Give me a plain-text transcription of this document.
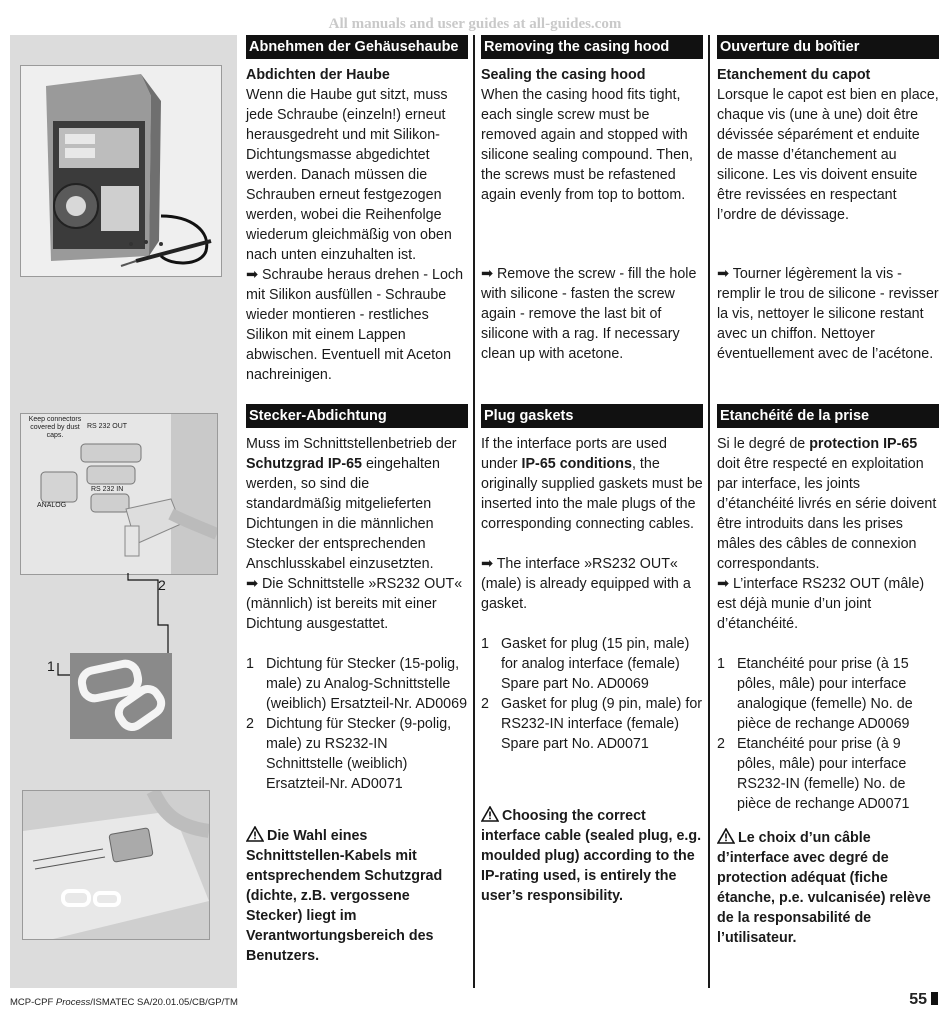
All manuals and user guides at all-guides.com
Keep connectors covered by dust caps.
RS 232 OUT
RS 232 IN
ANALOG
2
1
Abnehmen der Gehäusehaube

Abdichten der Haube

Wenn die Haube gut sitzt, muss jede Schraube (einzeln!) erneut herausgedreht und mit Silikon-Dichtungsmasse abgedichtet werden. Danach müssen die Schrauben erneut festgezogen werden, wobei die Reihenfolge wiederum gleichmäßig von oben nach unten einzuhalten ist.

➡ Schraube heraus drehen - Loch mit Silikon ausfüllen - Schraube wieder montieren - restliches Silikon mit einem Lappen abwischen. Eventuell mit Aceton nachreinigen.

Stecker-Abdichtung

Muss im Schnittstellenbetrieb der Schutzgrad IP-65 eingehalten werden, so sind die standardmäßig mitgelieferten Dichtungen in die männlichen Stecker der entsprechenden Anschlusskabel einzusetzten.

➡ Die Schnittstelle »RS232 OUT« (männlich) ist bereits mit einer Dichtung ausgestattet.

1 Dichtung für Stecker (15-polig, male) zu Analog-Schnittstelle (weiblich) Ersatzteil-Nr. AD0069
2 Dichtung für Stecker (9-polig, male) zu RS232-IN Schnittstelle (weiblich) Ersatzteil-Nr. AD0071

Die Wahl eines Schnittstellen-Kabels mit entsprechendem Schutzgrad (dichte, z.B. vergossene Stecker) liegt im Verantwortungsbereich des Benutzers.

Removing the casing hood

Sealing the casing hood

When the casing hood fits tight, each single screw must be removed again and stopped with silicone sealing compound. Then, the screws must be refastened again evenly from top to bottom.

➡ Remove the screw - fill the hole with silicone - fasten the screw again - remove the last bit of silicone with a rag. If necessary clean up with acetone.

Plug gaskets

If the interface ports are used under IP-65 conditions, the originally supplied gaskets must be inserted into the male plugs of the corresponding connecting cables.

➡ The interface »RS232 OUT« (male) is already equipped with a gasket.

1 Gasket for plug (15 pin, male) for analog interface (female) Spare part No. AD0069
2 Gasket for plug (9 pin, male) for RS232-IN interface (female) Spare part No. AD0071

Choosing the correct interface cable (sealed plug, e.g. moulded plug) according to the IP-rating used, is entirely the user’s responsibility.

Ouverture du boîtier

Etanchement du capot

Lorsque le capot est bien en place, chaque vis (une à une) doit être dévissée séparément et enduite de masse d’étanchement au silicone. Les vis doivent ensuite être revissées en respectant l’ordre de dévissage.

➡ Tourner légèrement la vis - remplir le trou de silicone - revisser la vis, nettoyer le silicone restant avec un chiffon. Nettoyer éventuellement avec de l’acétone.

Etanchéité de la prise

Si le degré de protection IP-65 doit être respecté en exploitation par interface, les joints d’étanchéité livrés en série doivent être introduits dans les prises mâles des câbles de connexion correspondants.

➡ L’interface RS232 OUT (mâle) est déjà munie d’un joint d’étanchéité.

1 Etanchéité pour prise (à 15 pôles, mâle) pour interface analogique (femelle) No. de pièce de rechange AD0069
2 Etanchéité pour prise (à 9 pôles, mâle) pour interface RS232-IN (femelle) No. de pièce de rechange AD0071

Le choix d’un câble d’interface avec degré de protection adéquat (fiche étanche, p.e. vulcanisée) relève de la responsabilité de l’utilisateur.

MCP-CPF Process/ISMATEC SA/20.01.05/CB/GP/TM	55
